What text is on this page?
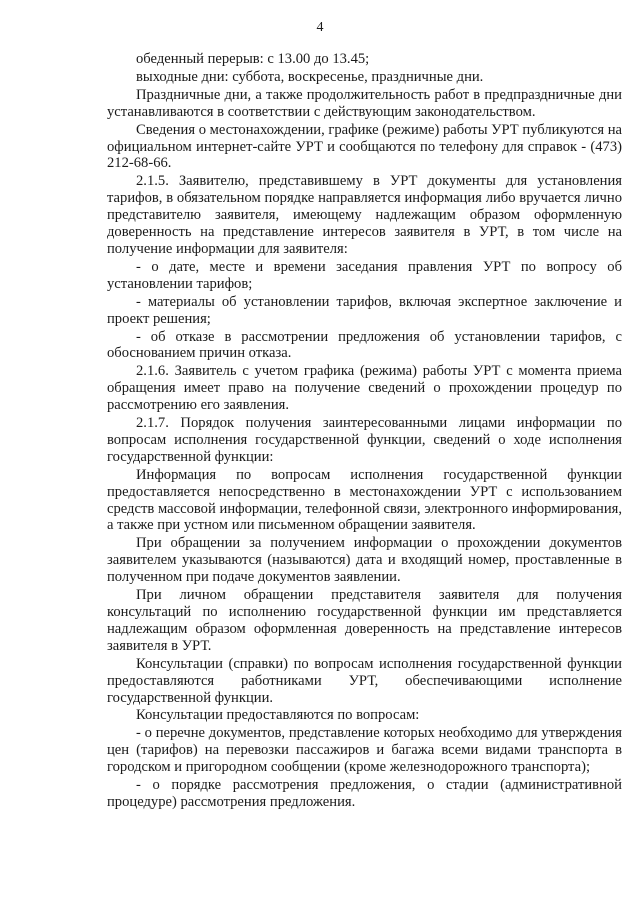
4

обеденный перерыв: с 13.00 до 13.45;

выходные дни: суббота, воскресенье, праздничные дни.

Праздничные дни, а также продолжительность работ в предпраздничные дни устанавливаются в соответствии с действующим законодательством.

Сведения о местонахождении, графике (режиме) работы УРТ публикуются на официальном интернет-сайте УРТ и сообщаются по телефону для справок - (473) 212-68-66.

2.1.5. Заявителю, представившему в УРТ документы для установления тарифов, в обязательном порядке направляется информация либо вручается лично представителю заявителя, имеющему надлежащим образом оформленную доверенность на представление интересов заявителя в УРТ, в том числе на получение информации для заявителя:

- о дате, месте и времени заседания правления УРТ по вопросу об установлении тарифов;

- материалы об установлении тарифов, включая экспертное заключение и проект решения;

- об отказе в рассмотрении предложения об установлении тарифов, с обоснованием причин отказа.

2.1.6. Заявитель с учетом графика (режима) работы УРТ с момента приема обращения имеет право на получение сведений о прохождении процедур по рассмотрению его заявления.

2.1.7. Порядок получения заинтересованными лицами информации по вопросам исполнения государственной функции, сведений о ходе исполнения государственной функции:

Информация по вопросам исполнения государственной функции предоставляется непосредственно в местонахождении УРТ с использованием средств массовой информации, телефонной связи, электронного информирования, а также при устном или письменном обращении заявителя.

При обращении за получением информации о прохождении документов заявителем указываются (называются) дата и входящий номер, проставленные в полученном при подаче документов заявлении.

При личном обращении представителя заявителя для получения консультаций по исполнению государственной функции им представляется надлежащим образом оформленная доверенность на представление интересов заявителя в УРТ.

Консультации (справки) по вопросам исполнения государственной функции предоставляются работниками УРТ, обеспечивающими исполнение государственной функции.

Консультации предоставляются по вопросам:

- о перечне документов, представление которых необходимо для утверждения цен (тарифов) на перевозки пассажиров и багажа всеми видами транспорта в городском и пригородном сообщении (кроме железнодорожного транспорта);

- о порядке рассмотрения предложения, о стадии (административной процедуре) рассмотрения предложения.
